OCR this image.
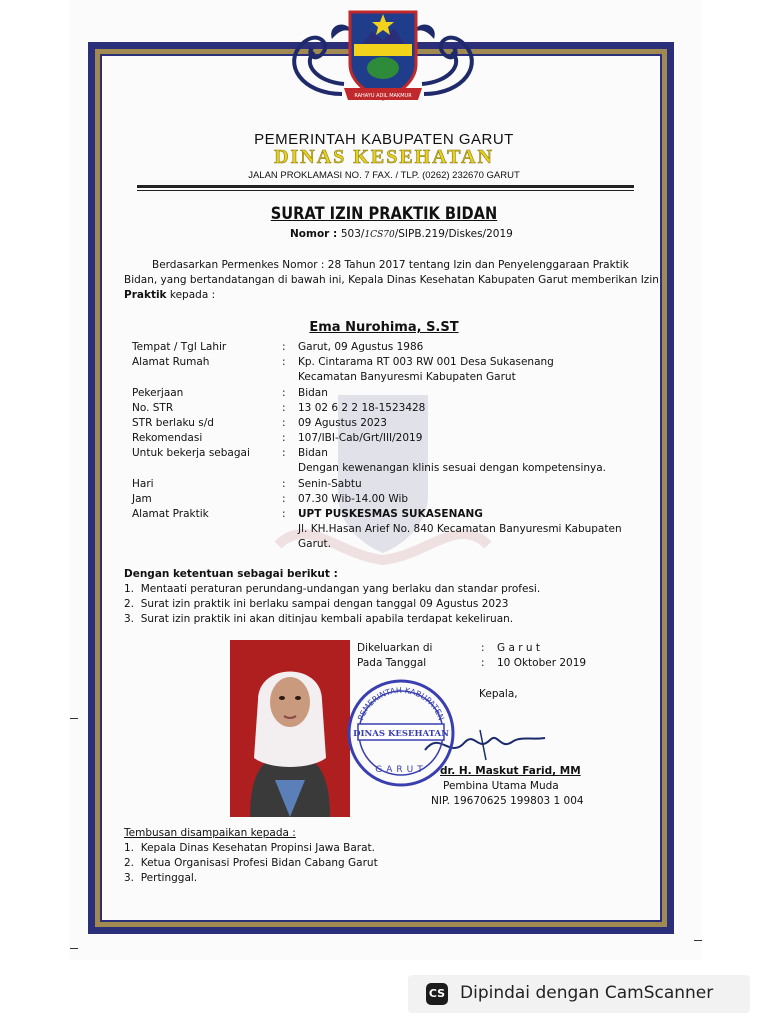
RAHAYU ADIL MAKMUR
PEMERINTAH KABUPATEN GARUT
DINAS KESEHATAN
JALAN PROKLAMASI NO. 7 FAX. / TLP. (0262) 232670 GARUT
SURAT IZIN PRAKTIK BIDAN
Nomor : 503/1CS70/SIPB.219/Diskes/2019
Berdasarkan Permenkes Nomor : 28 Tahun 2017 tentang Izin dan Penyelenggaraan Praktik
Bidan, yang bertandatangan di bawah ini, Kepala Dinas Kesehatan Kabupaten Garut memberikan Izin
Praktik kepada :
Ema Nurohima, S.ST
Tempat / Tgl Lahir	: Garut, 09 Agustus 1986
Alamat Rumah	: Kp. Cintarama RT 003 RW 001 Desa Sukasenang
Kecamatan Banyuresmi Kabupaten Garut
Pekerjaan	: Bidan
No. STR	: 13 02 6 2 2 18-1523428
STR berlaku s/d	: 09 Agustus 2023
Rekomendasi	: 107/IBI-Cab/Grt/III/2019
Untuk bekerja sebagai	: Bidan
Dengan kewenangan klinis sesuai dengan kompetensinya.
Hari	: Senin-Sabtu
Jam	: 07.30 Wib-14.00 Wib
Alamat Praktik	: UPT PUSKESMAS SUKASENANG
Jl. KH.Hasan Arief No. 840 Kecamatan Banyuresmi Kabupaten
Garut.
Dengan ketentuan sebagai berikut :
1.  Mentaati peraturan perundang-undangan yang berlaku dan standar profesi.
2.  Surat izin praktik ini berlaku sampai dengan tanggal 09 Agustus 2023
3.  Surat izin praktik ini akan ditinjau kembali apabila terdapat kekeliruan.
Dikeluarkan di	: G a r u t
Pada Tanggal	: 10 Oktober 2019
Kepala,
PEMERINTAH KABUPATEN
DINAS KESEHATAN
GARUT dr. H. Maskut Farid, MM
Pembina Utama Muda
NIP. 19670625 199803 1 004
Tembusan disampaikan kepada :
1.  Kepala Dinas Kesehatan Propinsi Jawa Barat.
2.  Ketua Organisasi Profesi Bidan Cabang Garut
3.  Pertinggal.
CS Dipindai dengan CamScanner
